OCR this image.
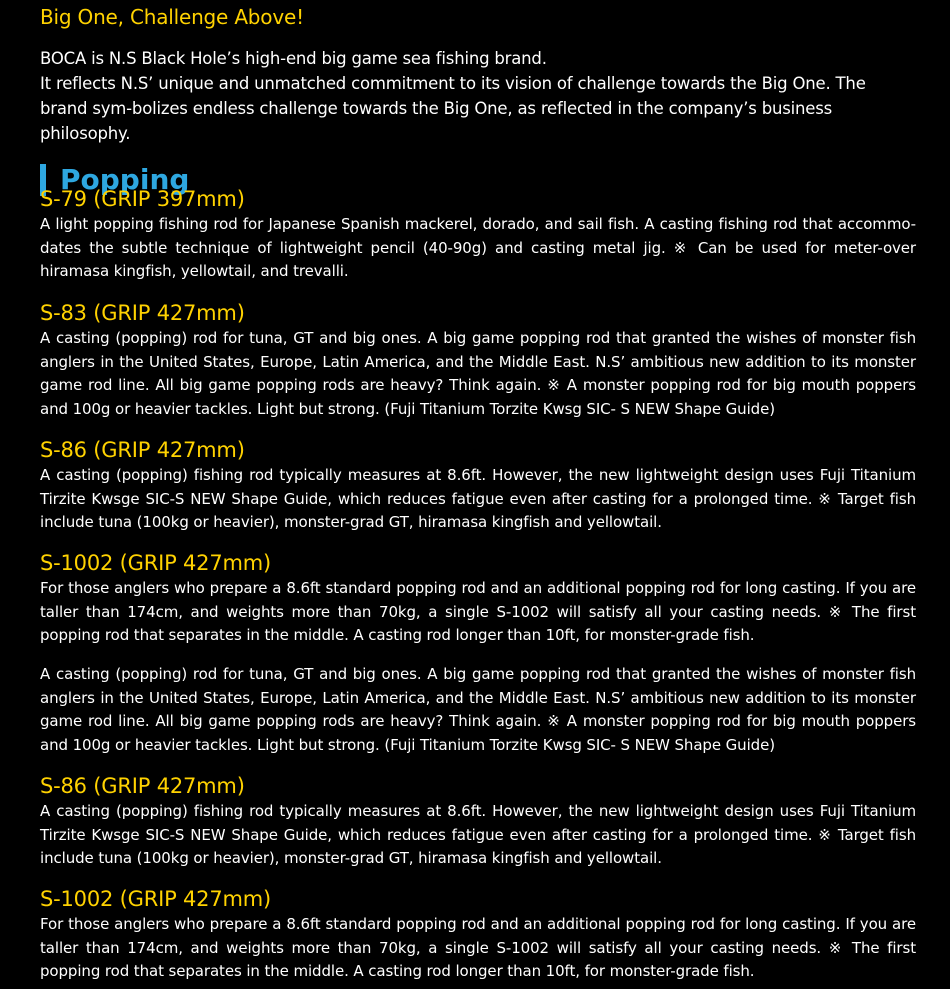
Big One, Challenge Above!

BOCA is N.S Black Hole’s high-end big game sea fishing brand.

It reflects N.S’ unique and unmatched commitment to its vision of challenge towards the Big One. The brand sym-bolizes endless challenge towards the Big One, as reflected in the company’s business philosophy.

Popping
S-79 (GRIP 397mm)

A light popping fishing rod for Japanese Spanish mackerel, dorado, and sail fish. A casting fishing rod that accommo-dates the subtle technique of lightweight pencil (40-90g) and casting metal jig. ※ Can be used for meter-over hiramasa kingfish, yellowtail, and trevalli.

S-83 (GRIP 427mm)

A casting (popping) rod for tuna, GT and big ones. A big game popping rod that granted the wishes of monster fish anglers in the United States, Europe, Latin America, and the Middle East. N.S’ ambitious new addition to its monster game rod line. All big game popping rods are heavy? Think again. ※ A monster popping rod for big mouth poppers and 100g or heavier tackles. Light but strong. (Fuji Titanium Torzite Kwsg SIC- S NEW Shape Guide)

S-86 (GRIP 427mm)

A casting (popping) fishing rod typically measures at 8.6ft. However, the new lightweight design uses Fuji Titanium Tirzite Kwsge SIC-S NEW Shape Guide, which reduces fatigue even after casting for a prolonged time. ※ Target fish include tuna (100kg or heavier), monster-grad GT, hiramasa kingfish and yellowtail.

S-1002 (GRIP 427mm)

For those anglers who prepare a 8.6ft standard popping rod and an additional popping rod for long casting. If you are taller than 174cm, and weights more than 70kg, a single S-1002 will satisfy all your casting needs. ※ The first popping rod that separates in the middle. A casting rod longer than 10ft, for monster-grade fish.

A casting (popping) rod for tuna, GT and big ones. A big game popping rod that granted the wishes of monster fish anglers in the United States, Europe, Latin America, and the Middle East. N.S’ ambitious new addition to its monster game rod line. All big game popping rods are heavy? Think again. ※ A monster popping rod for big mouth poppers and 100g or heavier tackles. Light but strong. (Fuji Titanium Torzite Kwsg SIC- S NEW Shape Guide)

S-86 (GRIP 427mm)

A casting (popping) fishing rod typically measures at 8.6ft. However, the new lightweight design uses Fuji Titanium Tirzite Kwsge SIC-S NEW Shape Guide, which reduces fatigue even after casting for a prolonged time. ※ Target fish include tuna (100kg or heavier), monster-grad GT, hiramasa kingfish and yellowtail.

S-1002 (GRIP 427mm)

For those anglers who prepare a 8.6ft standard popping rod and an additional popping rod for long casting. If you are taller than 174cm, and weights more than 70kg, a single S-1002 will satisfy all your casting needs. ※ The first popping rod that separates in the middle. A casting rod longer than 10ft, for monster-grade fish.
